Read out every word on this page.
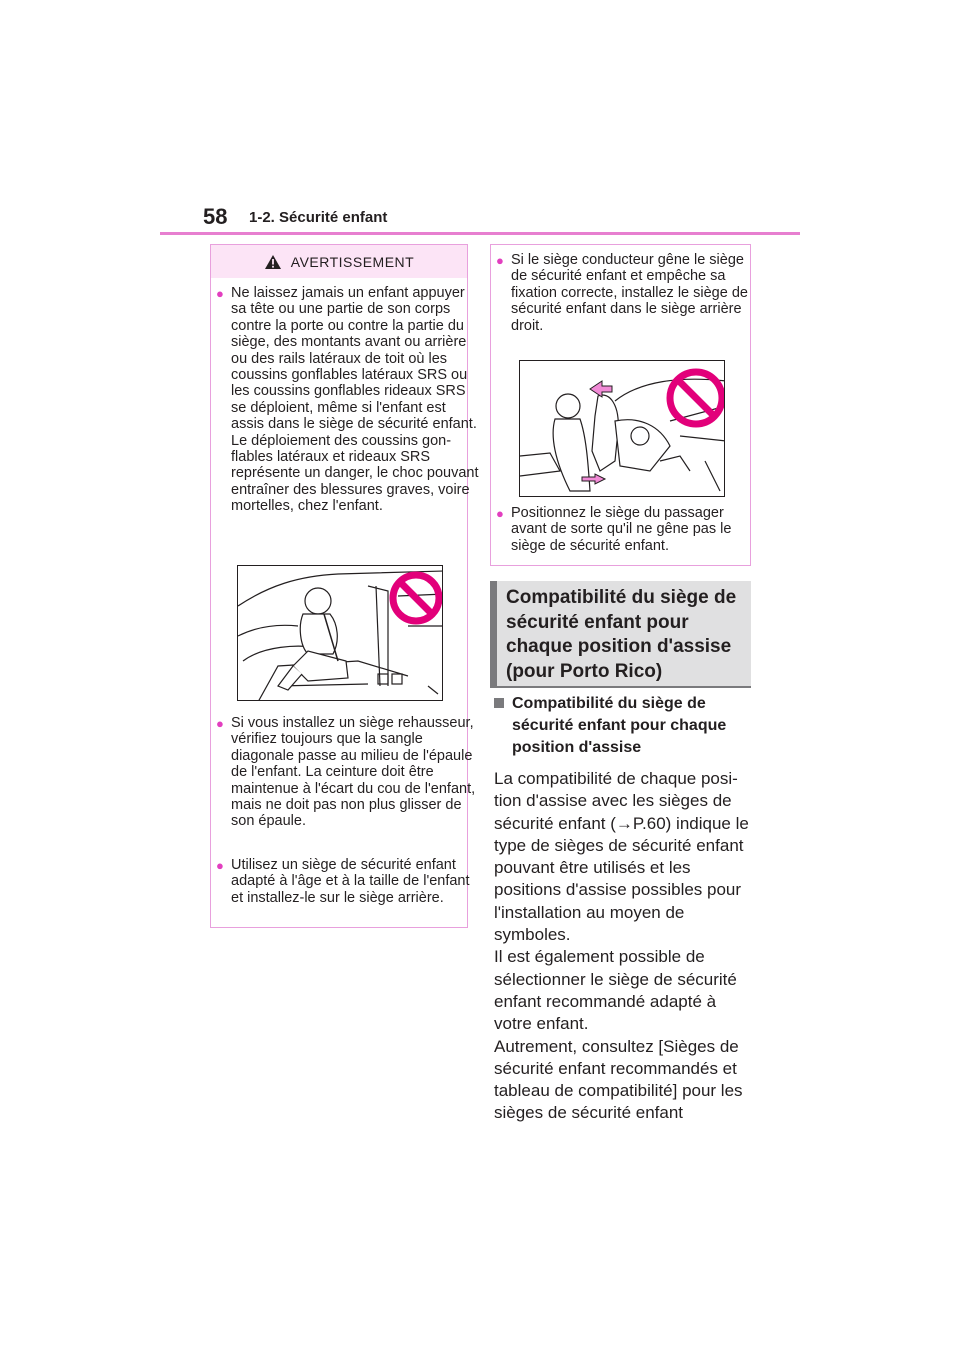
58 1-2. Sécurité enfant
AVERTISSEMENT
● Ne laissez jamais un enfant appuyer sa tête ou une partie de son corps contre la porte ou contre la partie du siège, des montants avant ou arrière ou des rails latéraux de toit où les coussins gonflables latéraux SRS ou les coussins gonflables rideaux SRS se déploient, même si l'enfant est assis dans le siège de sécurité enfant. Le déploiement des coussins gonflables latéraux et rideaux SRS représente un danger, le choc pouvant entraîner des blessures graves, voire mortelles, chez l'enfant.
● Si vous installez un siège rehausseur, vérifiez toujours que la sangle diagonale passe au milieu de l'épaule de l'enfant. La ceinture doit être maintenue à l'écart du cou de l'enfant, mais ne doit pas non plus glisser de son épaule.
● Utilisez un siège de sécurité enfant adapté à l'âge et à la taille de l'enfant et installez-le sur le siège arrière.
● Si le siège conducteur gêne le siège de sécurité enfant et empêche sa fixation correcte, installez le siège de sécurité enfant dans le siège arrière droit.
● Positionnez le siège du passager avant de sorte qu'il ne gêne pas le siège de sécurité enfant.
Compatibilité du siège de sécurité enfant pour chaque position d'assise (pour Porto Rico)
Compatibilité du siège de sécurité enfant pour chaque position d'assise
La compatibilité de chaque position d'assise avec les sièges de sécurité enfant (→P.60) indique le type de sièges de sécurité enfant pouvant être utilisés et les positions d'assise possibles pour l'installation au moyen de symboles.
Il est également possible de sélectionner le siège de sécurité enfant recommandé adapté à votre enfant.
Autrement, consultez [Sièges de sécurité enfant recommandés et tableau de compatibilité] pour les sièges de sécurité enfant
